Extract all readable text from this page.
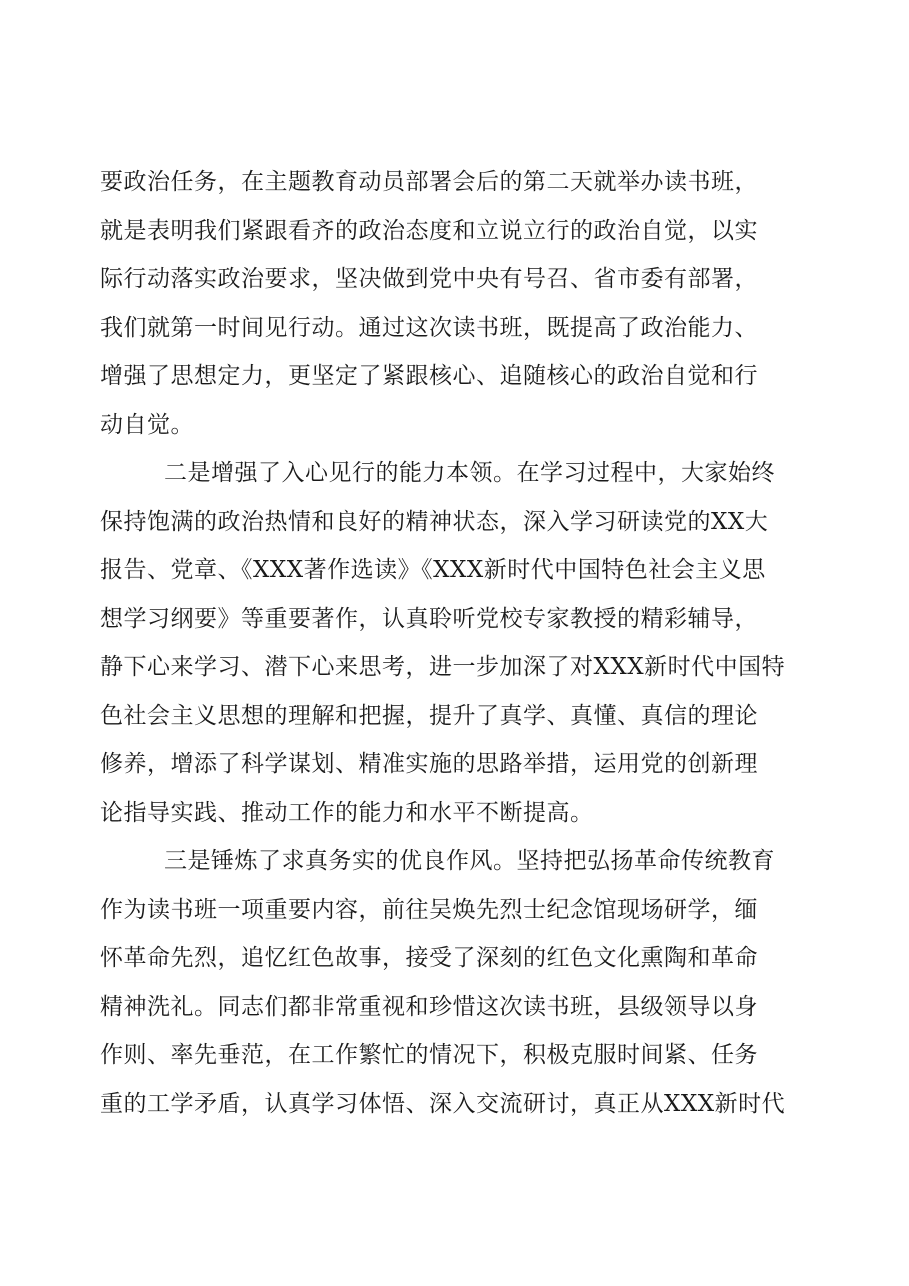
要政治任务，在主题教育动员部署会后的第二天就举办读书班，
就是表明我们紧跟看齐的政治态度和立说立行的政治自觉，以实
际行动落实政治要求，坚决做到党中央有号召、省市委有部署，
我们就第一时间见行动。通过这次读书班，既提高了政治能力、
增强了思想定力，更坚定了紧跟核心、追随核心的政治自觉和行
动自觉。
二是增强了入心见行的能力本领。在学习过程中，大家始终
保持饱满的政治热情和良好的精神状态，深入学习研读党的XX大
报告、党章、《XXX著作选读》《XXX新时代中国特色社会主义思
想学习纲要》等重要著作，认真聆听党校专家教授的精彩辅导，
静下心来学习、潜下心来思考，进一步加深了对XXX新时代中国特
色社会主义思想的理解和把握，提升了真学、真懂、真信的理论
修养，增添了科学谋划、精准实施的思路举措，运用党的创新理
论指导实践、推动工作的能力和水平不断提高。
三是锤炼了求真务实的优良作风。坚持把弘扬革命传统教育
作为读书班一项重要内容，前往吴焕先烈士纪念馆现场研学，缅
怀革命先烈，追忆红色故事，接受了深刻的红色文化熏陶和革命
精神洗礼。同志们都非常重视和珍惜这次读书班，县级领导以身
作则、率先垂范，在工作繁忙的情况下，积极克服时间紧、任务
重的工学矛盾，认真学习体悟、深入交流研讨，真正从XXX新时代
